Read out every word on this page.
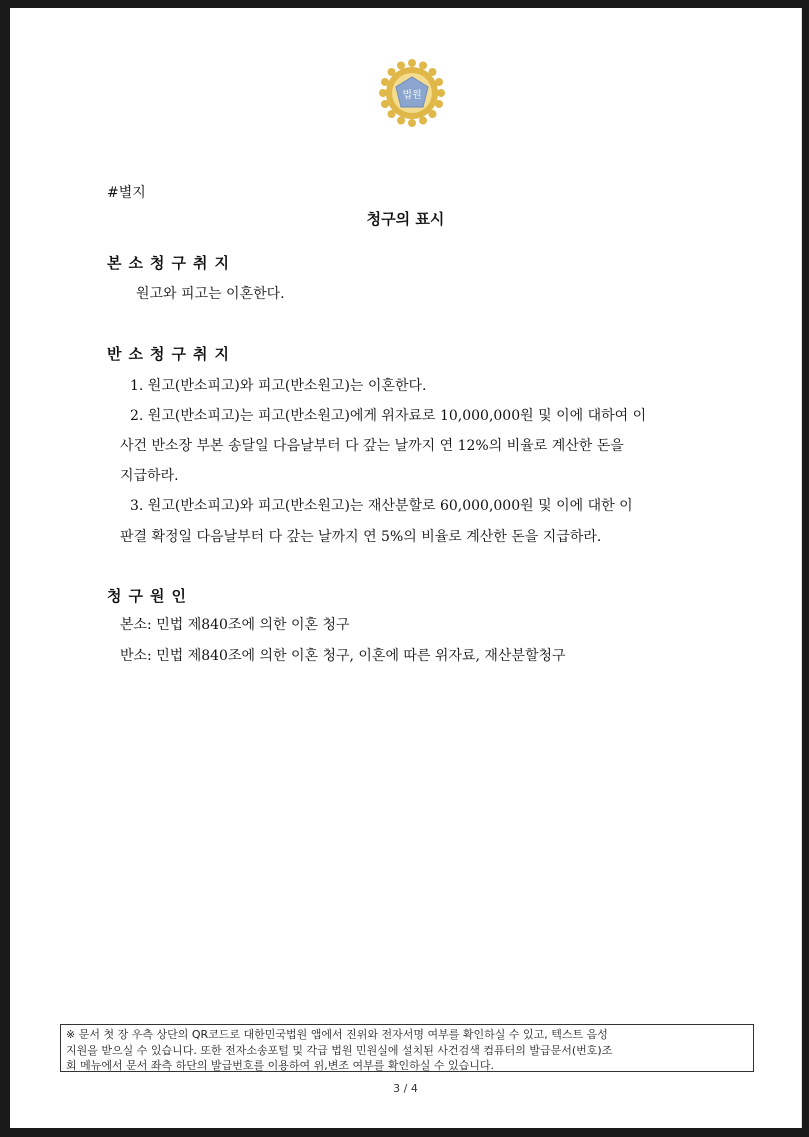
법원
#별지
청구의 표시
본소청구취지
원고와 피고는 이혼한다.
반소청구취지
1. 원고(반소피고)와 피고(반소원고)는 이혼한다.
2. 원고(반소피고)는 피고(반소원고)에게 위자료로 10,000,000원 및 이에 대하여 이
사건 반소장 부본 송달일 다음날부터 다 갚는 날까지 연 12%의 비율로 계산한 돈을
지급하라.
3. 원고(반소피고)와 피고(반소원고)는 재산분할로 60,000,000원 및 이에 대한 이
판결 확정일 다음날부터 다 갚는 날까지 연 5%의 비율로 계산한 돈을 지급하라.
청구원인
본소: 민법 제840조에 의한 이혼 청구
반소: 민법 제840조에 의한 이혼 청구, 이혼에 따른 위자료, 재산분할청구
※ 문서 첫 장 우측 상단의 QR코드로 대한민국법원 앱에서 진위와 전자서명 여부를 확인하실 수 있고, 텍스트 음성
지원을 받으실 수 있습니다. 또한 전자소송포털 및 각급 법원 민원실에 설치된 사건검색 컴퓨터의 발급문서(번호)조
회 메뉴에서 문서 좌측 하단의 발급번호를 이용하여 위,변조 여부를 확인하실 수 있습니다.
3 / 4
